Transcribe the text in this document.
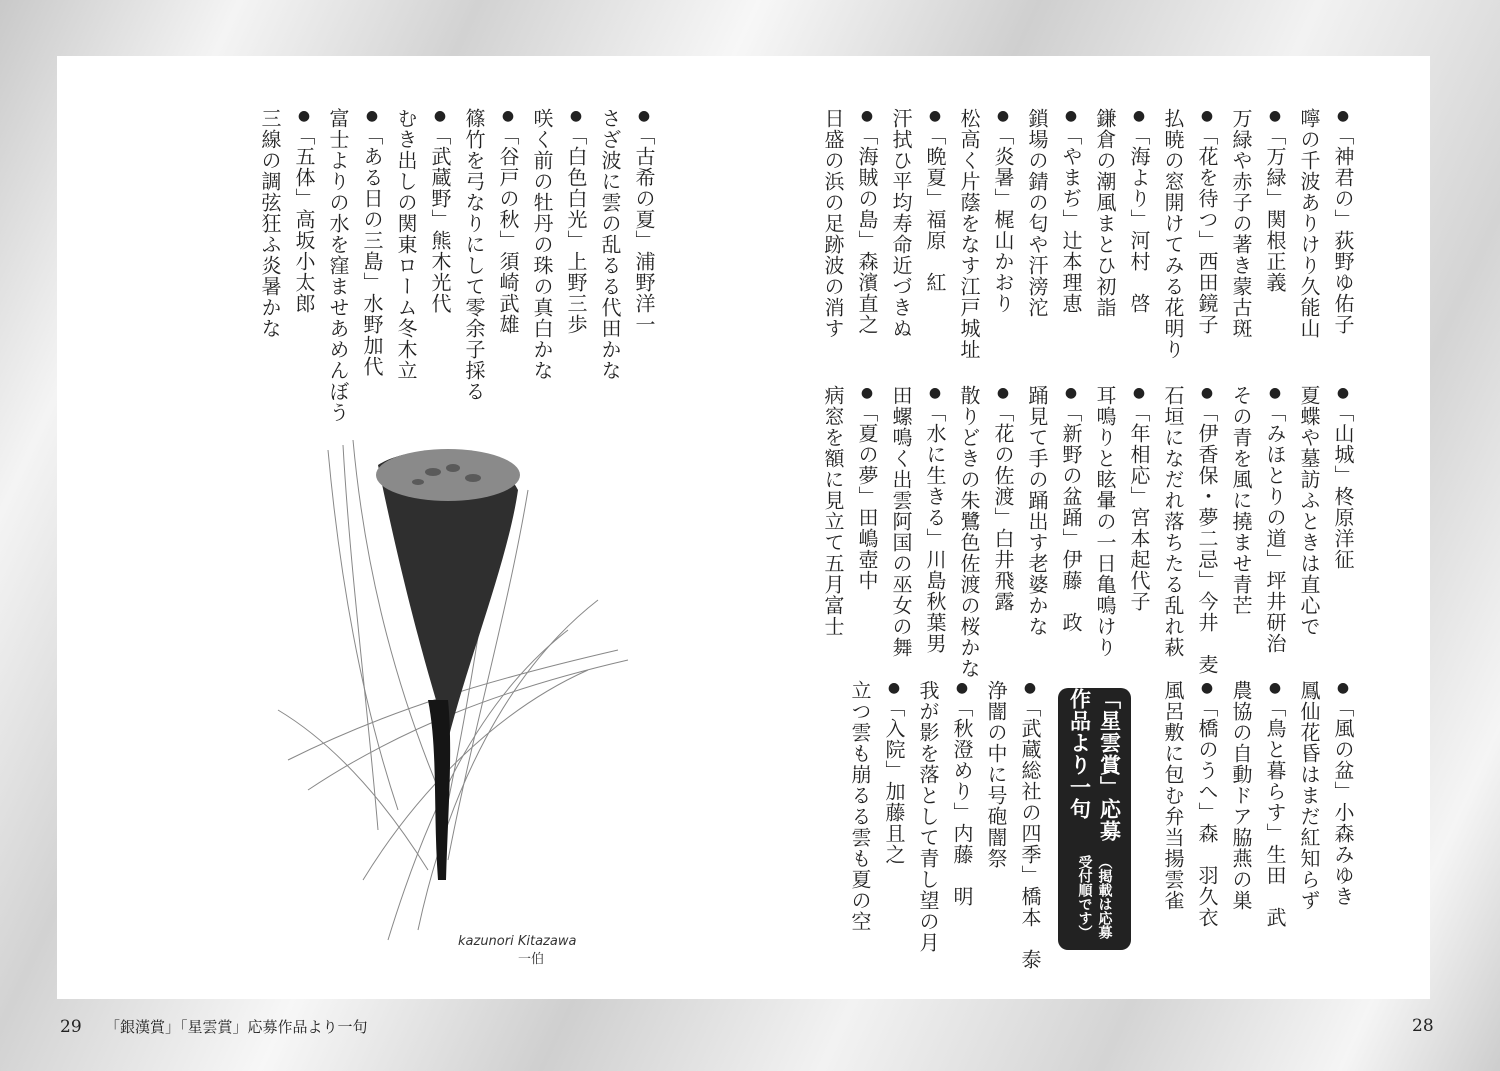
●「神君の」荻野ゆ佑子
嚀の千波ありけり久能山
●「万緑」関根正義
万緑や赤子の著き蒙古斑
●「花を待つ」西田鏡子
払暁の窓開けてみる花明り
●「海より」河村　啓
鎌倉の潮風まとひ初詣
●「やまぢ」辻本理恵
鎖場の錆の匂や汗滂沱
●「炎暑」梶山かおり
松高く片蔭をなす江戸城址
●「晩夏」福原　紅
汗拭ひ平均寿命近づきぬ
●「海賊の島」森濱直之
日盛の浜の足跡波の消す
●「山城」柊原洋征
夏蝶や墓訪ふときは直心で
●「みほとりの道」坪井研治
その青を風に撓ませ青芒
●「伊香保・夢二忌」今井　麦
石垣になだれ落ちたる乱れ萩
●「年相応」宮本起代子
耳鳴りと眩暈の一日亀鳴けり
●「新野の盆踊」伊藤　政
踊見て手の踊出す老婆かな
●「花の佐渡」白井飛露
散りどきの朱鷺色佐渡の桜かな
●「水に生きる」川島秋葉男
田螺鳴く出雲阿国の巫女の舞
●「夏の夢」田嶋壺中
病窓を額に見立て五月富士
●「風の盆」小森みゆき
鳳仙花昏はまだ紅知らず
●「鳥と暮らす」生田　武
農協の自動ドア脇燕の巣
●「橋のうへ」森　羽久衣
風呂敷に包む弁当揚雲雀
●「武蔵総社の四季」橋本　泰
浄闇の中に号砲闇祭
●「秋澄めり」内藤　明
我が影を落として青し望の月
●「入院」加藤且之
立つ雲も崩るる雲も夏の空
●「古希の夏」浦野洋一
さざ波に雲の乱るる代田かな
●「白色白光」上野三歩
咲く前の牡丹の珠の真白かな
●「谷戸の秋」須崎武雄
篠竹を弓なりにして零余子採る
●「武蔵野」熊木光代
むき出しの関東ローム冬木立
●「ある日の三島」水野加代
富士よりの水を窪ませあめんぼう
●「五体」高坂小太郎
三線の調弦狂ふ炎暑かな
「星雲賞」応募作品より一句
（掲載は応募受付順です）
kazunori Kitazawa
一伯
29 「銀漢賞」「星雲賞」応募作品より一句	28
